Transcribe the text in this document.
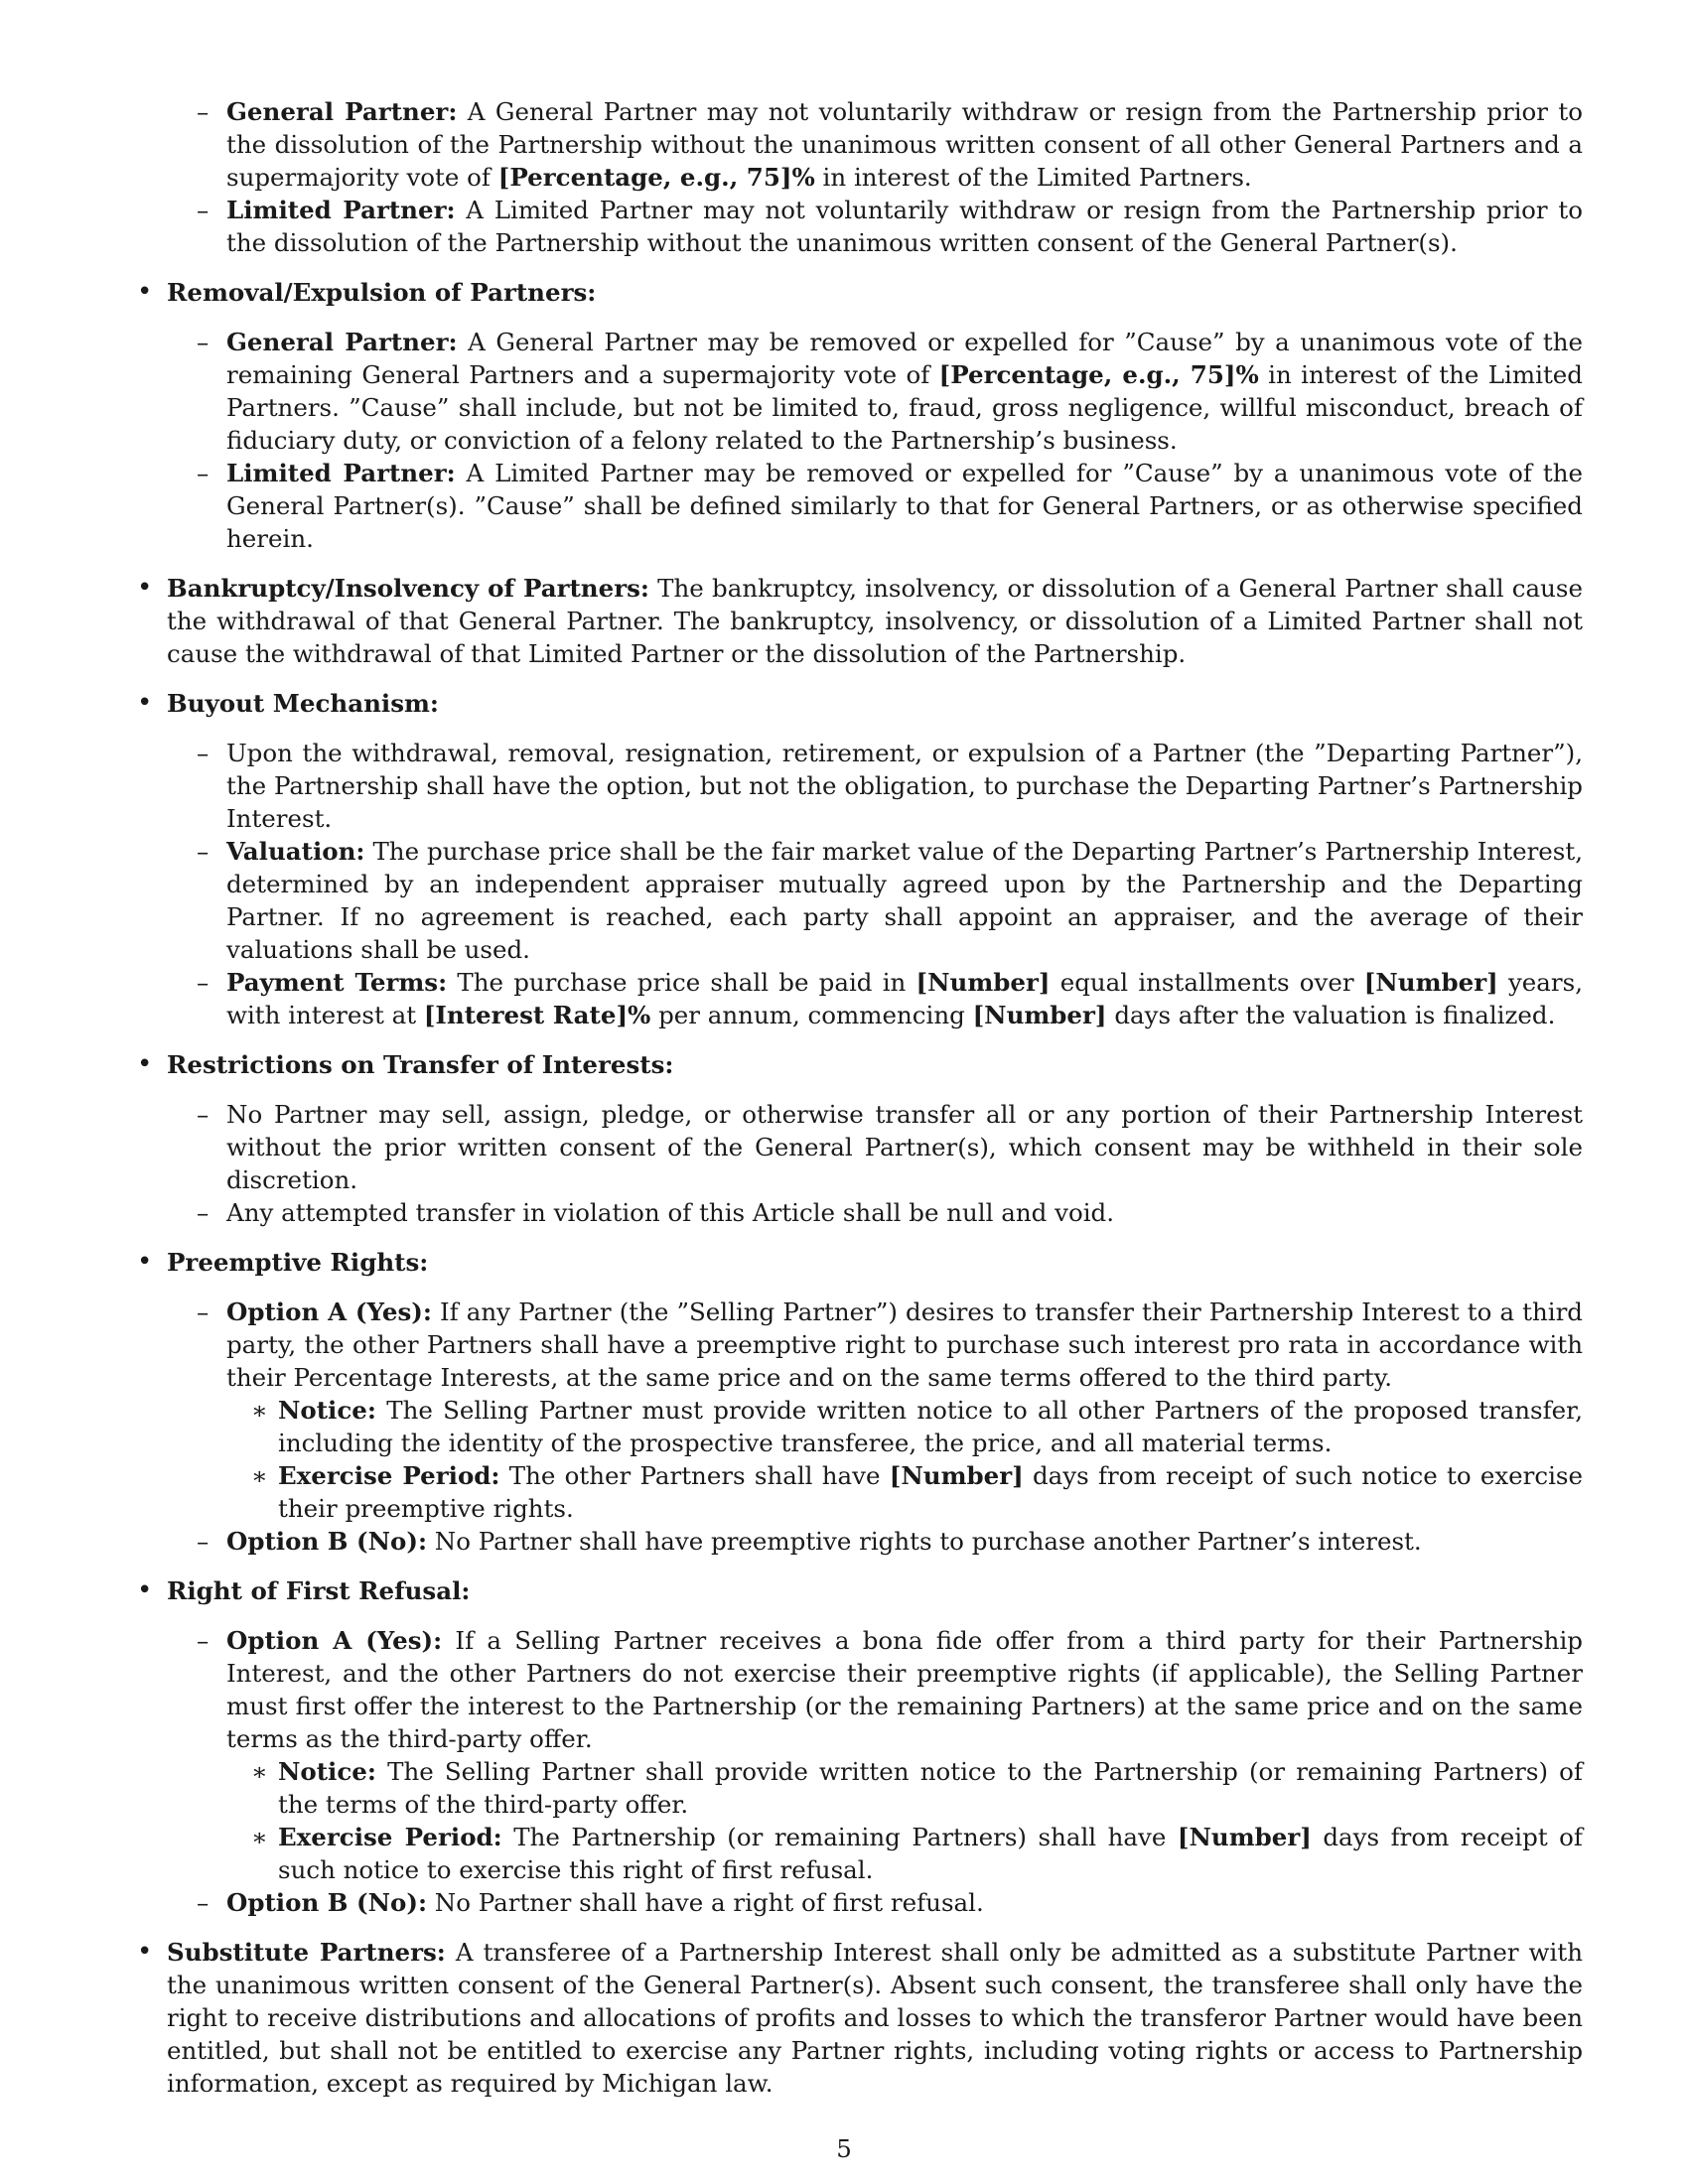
– General Partner: A General Partner may not voluntarily withdraw or resign from the Partnership prior to the dissolution of the Partnership without the unanimous written consent of all other General Partners and a supermajority vote of [Percentage, e.g., 75]% in interest of the Limited Partners.
– Limited Partner: A Limited Partner may not voluntarily withdraw or resign from the Partnership prior to the dissolution of the Partnership without the unanimous written consent of the General Partner(s).
• Removal/Expulsion of Partners:
– General Partner: A General Partner may be removed or expelled for ”Cause” by a unanimous vote of the remaining General Partners and a supermajority vote of [Percentage, e.g., 75]% in interest of the Limited Partners. ”Cause” shall include, but not be limited to, fraud, gross negligence, willful misconduct, breach of fiduciary duty, or conviction of a felony related to the Partnership’s business.
– Limited Partner: A Limited Partner may be removed or expelled for ”Cause” by a unanimous vote of the General Partner(s). ”Cause” shall be defined similarly to that for General Partners, or as otherwise specified herein.
• Bankruptcy/Insolvency of Partners: The bankruptcy, insolvency, or dissolution of a General Partner shall cause the withdrawal of that General Partner. The bankruptcy, insolvency, or dissolution of a Limited Partner shall not cause the withdrawal of that Limited Partner or the dissolution of the Partnership.
• Buyout Mechanism:
– Upon the withdrawal, removal, resignation, retirement, or expulsion of a Partner (the ”Departing Partner”), the Partnership shall have the option, but not the obligation, to purchase the Departing Partner’s Partnership Interest.
– Valuation: The purchase price shall be the fair market value of the Departing Partner’s Partnership Interest, determined by an independent appraiser mutually agreed upon by the Partnership and the Departing Partner. If no agreement is reached, each party shall appoint an appraiser, and the average of their valuations shall be used.
– Payment Terms: The purchase price shall be paid in [Number] equal installments over [Number] years, with interest at [Interest Rate]% per annum, commencing [Number] days after the valuation is finalized.
• Restrictions on Transfer of Interests:
– No Partner may sell, assign, pledge, or otherwise transfer all or any portion of their Partnership Interest without the prior written consent of the General Partner(s), which consent may be withheld in their sole discretion.
– Any attempted transfer in violation of this Article shall be null and void.
• Preemptive Rights:
– Option A (Yes): If any Partner (the ”Selling Partner”) desires to transfer their Partnership Interest to a third party, the other Partners shall have a preemptive right to purchase such interest pro rata in accordance with their Percentage Interests, at the same price and on the same terms offered to the third party.
∗ Notice: The Selling Partner must provide written notice to all other Partners of the proposed transfer, including the identity of the prospective transferee, the price, and all material terms.
∗ Exercise Period: The other Partners shall have [Number] days from receipt of such notice to exercise their preemptive rights.
– Option B (No): No Partner shall have preemptive rights to purchase another Partner’s interest.
• Right of First Refusal:
– Option A (Yes): If a Selling Partner receives a bona fide offer from a third party for their Partnership Interest, and the other Partners do not exercise their preemptive rights (if applicable), the Selling Partner must first offer the interest to the Partnership (or the remaining Partners) at the same price and on the same terms as the third-party offer.
∗ Notice: The Selling Partner shall provide written notice to the Partnership (or remaining Partners) of the terms of the third-party offer.
∗ Exercise Period: The Partnership (or remaining Partners) shall have [Number] days from receipt of such notice to exercise this right of first refusal.
– Option B (No): No Partner shall have a right of first refusal.
• Substitute Partners: A transferee of a Partnership Interest shall only be admitted as a substitute Partner with the unanimous written consent of the General Partner(s). Absent such consent, the transferee shall only have the right to receive distributions and allocations of profits and losses to which the transferor Partner would have been entitled, but shall not be entitled to exercise any Partner rights, including voting rights or access to Partnership information, except as required by Michigan law.
5
